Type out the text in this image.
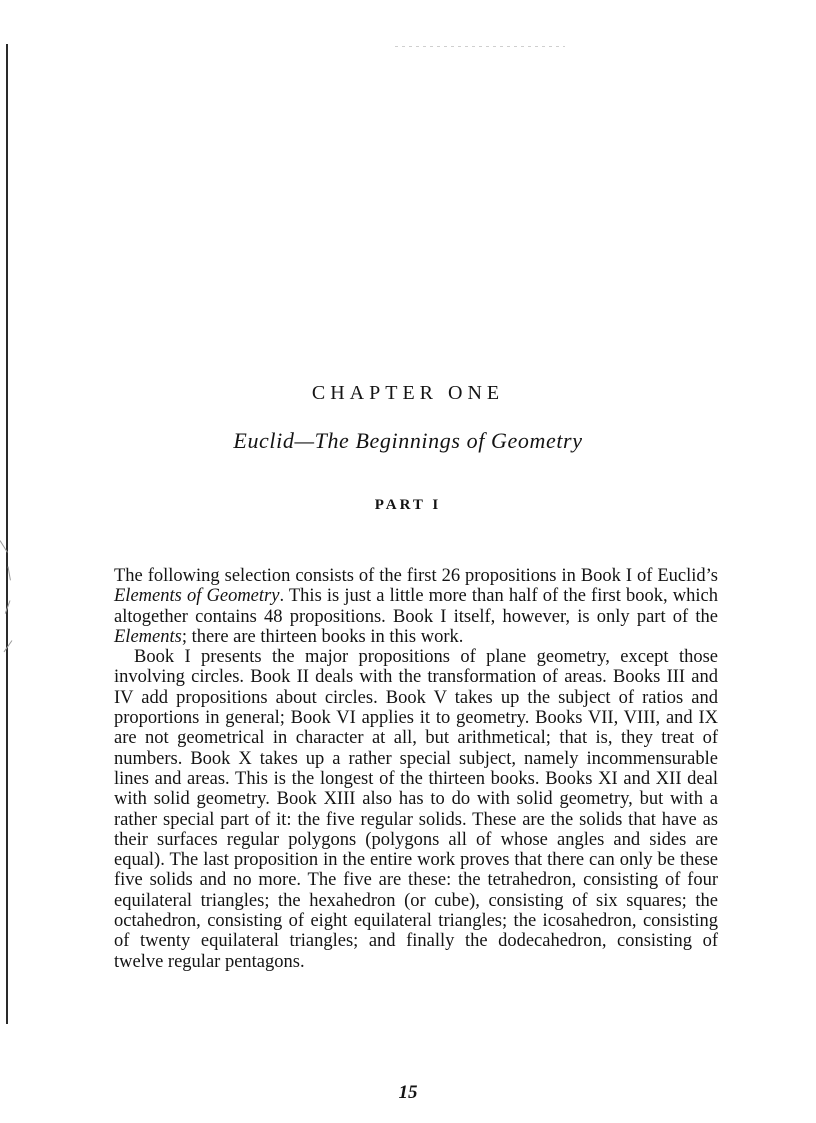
CHAPTER ONE
Euclid—The Beginnings of Geometry
PART I

The following selection consists of the first 26 propositions in Book I of Euclid’s Elements of Geometry. This is just a little more than half of the first book, which altogether contains 48 propositions. Book I itself, however, is only part of the Elements; there are thirteen books in this work.

Book I presents the major propositions of plane geometry, except those involving circles. Book II deals with the transformation of areas. Books III and IV add propositions about circles. Book V takes up the subject of ratios and proportions in general; Book VI applies it to geometry. Books VII, VIII, and IX are not geometrical in character at all, but arithmetical; that is, they treat of numbers. Book X takes up a rather special subject, namely incommensurable lines and areas. This is the longest of the thirteen books. Books XI and XII deal with solid geometry. Book XIII also has to do with solid geometry, but with a rather special part of it: the five regular solids. These are the solids that have as their surfaces regular polygons (polygons all of whose angles and sides are equal). The last proposition in the entire work proves that there can only be these five solids and no more. The five are these: the tetrahedron, consisting of four equilateral triangles; the hexahedron (or cube), consisting of six squares; the octahedron, consisting of eight equilateral triangles; the icosahedron, consisting of twenty equilateral triangles; and finally the dodecahedron, consisting of twelve regular pentagons.

15
